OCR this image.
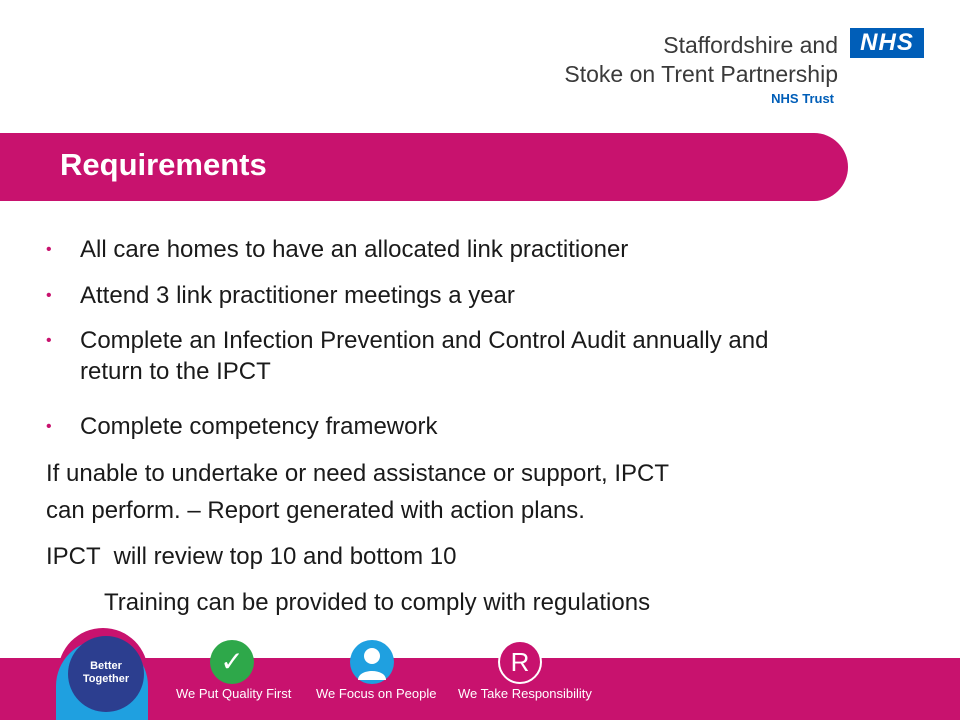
Staffordshire and
Stoke on Trent Partnership
NHS Trust
NHS
Requirements
• All care homes to have an allocated link practitioner
• Attend 3 link practitioner meetings a year
• Complete an Infection Prevention and Control Audit annually and return to the IPCT
• Complete competency framework
If unable to undertake or need assistance or support, IPCT
can perform. – Report generated with action plans.
IPCT  will review top 10 and bottom 10
Training can be provided to comply with regulations
Better
Together
✓
We Put Quality First We Focus on People
R
We Take Responsibility
